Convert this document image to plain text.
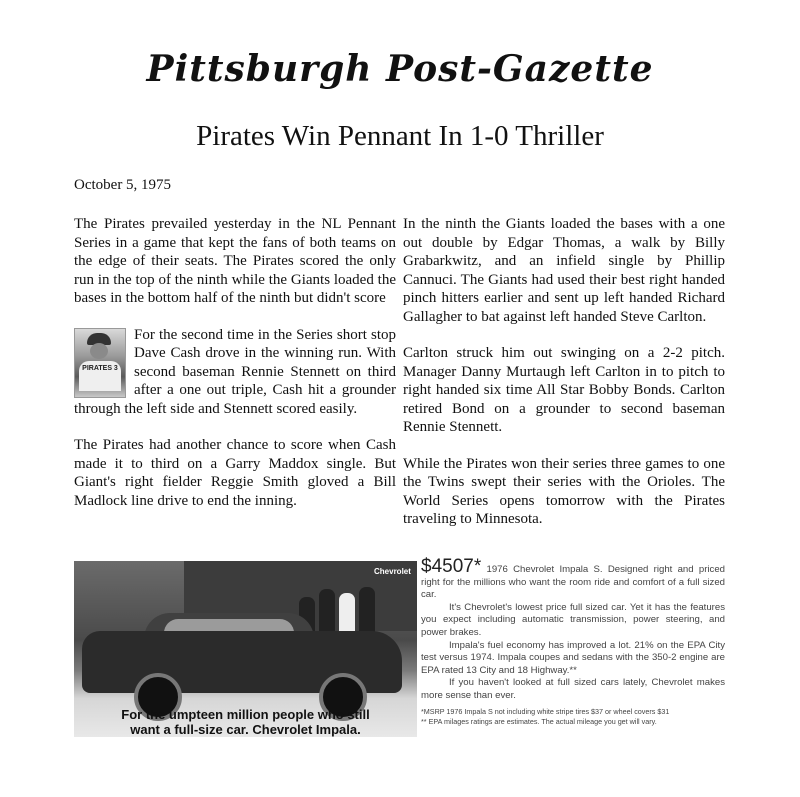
Pittsburgh Post-Gazette
Pirates Win Pennant In 1-0 Thriller
October 5, 1975

The Pirates prevailed yesterday in the NL Pennant Series in a game that kept the fans of both teams on the edge of their seats. The Pirates scored the only run in the top of the ninth while the Giants loaded the bases in the bottom half of the ninth but didn't score

PIRATES 3
For the second time in the Series short stop Dave Cash drove in the winning run. With second baseman Rennie Stennett on third after a one out triple, Cash hit a grounder through the left side and Stennett scored easily.

The Pirates had another chance to score when Cash made it to third on a Garry Maddox single. But Giant's right fielder Reggie Smith gloved a Bill Madlock line drive to end the inning.

In the ninth the Giants loaded the bases with a one out double by Edgar Thomas, a walk by Billy Grabarkwitz, and an infield single by Phillip Cannuci. The Giants had used their best right handed pinch hitters earlier and sent up left handed Richard Gallagher to bat against left handed Steve Carlton.

Carlton struck him out swinging on a 2-2 pitch. Manager Danny Murtaugh left Carlton in to pitch to right handed six time All Star Bobby Bonds. Carlton retired Bond on a grounder to second baseman Rennie Stennett.

While the Pirates won their series three games to one the Twins swept their series with the Orioles. The World Series opens tomorrow with the Pirates traveling to Minnesota.

Chevrolet
For the umpteen million people who still
want a full-size car. Chevrolet Impala.

$4507* 1976 Chevrolet Impala S. Designed right and priced right for the millions who want the room ride and comfort of a full sized car.

It's Chevrolet's lowest price full sized car. Yet it has the features you expect including automatic transmission, power steering, and power brakes.

Impala's fuel economy has improved a lot. 21% on the EPA City test versus 1974. Impala coupes and sedans with the 350-2 engine are EPA rated 13 City and 18 Highway.**

If you haven't looked at full sized cars lately, Chevrolet makes more sense than ever.

*MSRP 1976 Impala S not including white stripe tires $37 or wheel covers $31

** EPA milages ratings are estimates. The actual mileage you get will vary.
